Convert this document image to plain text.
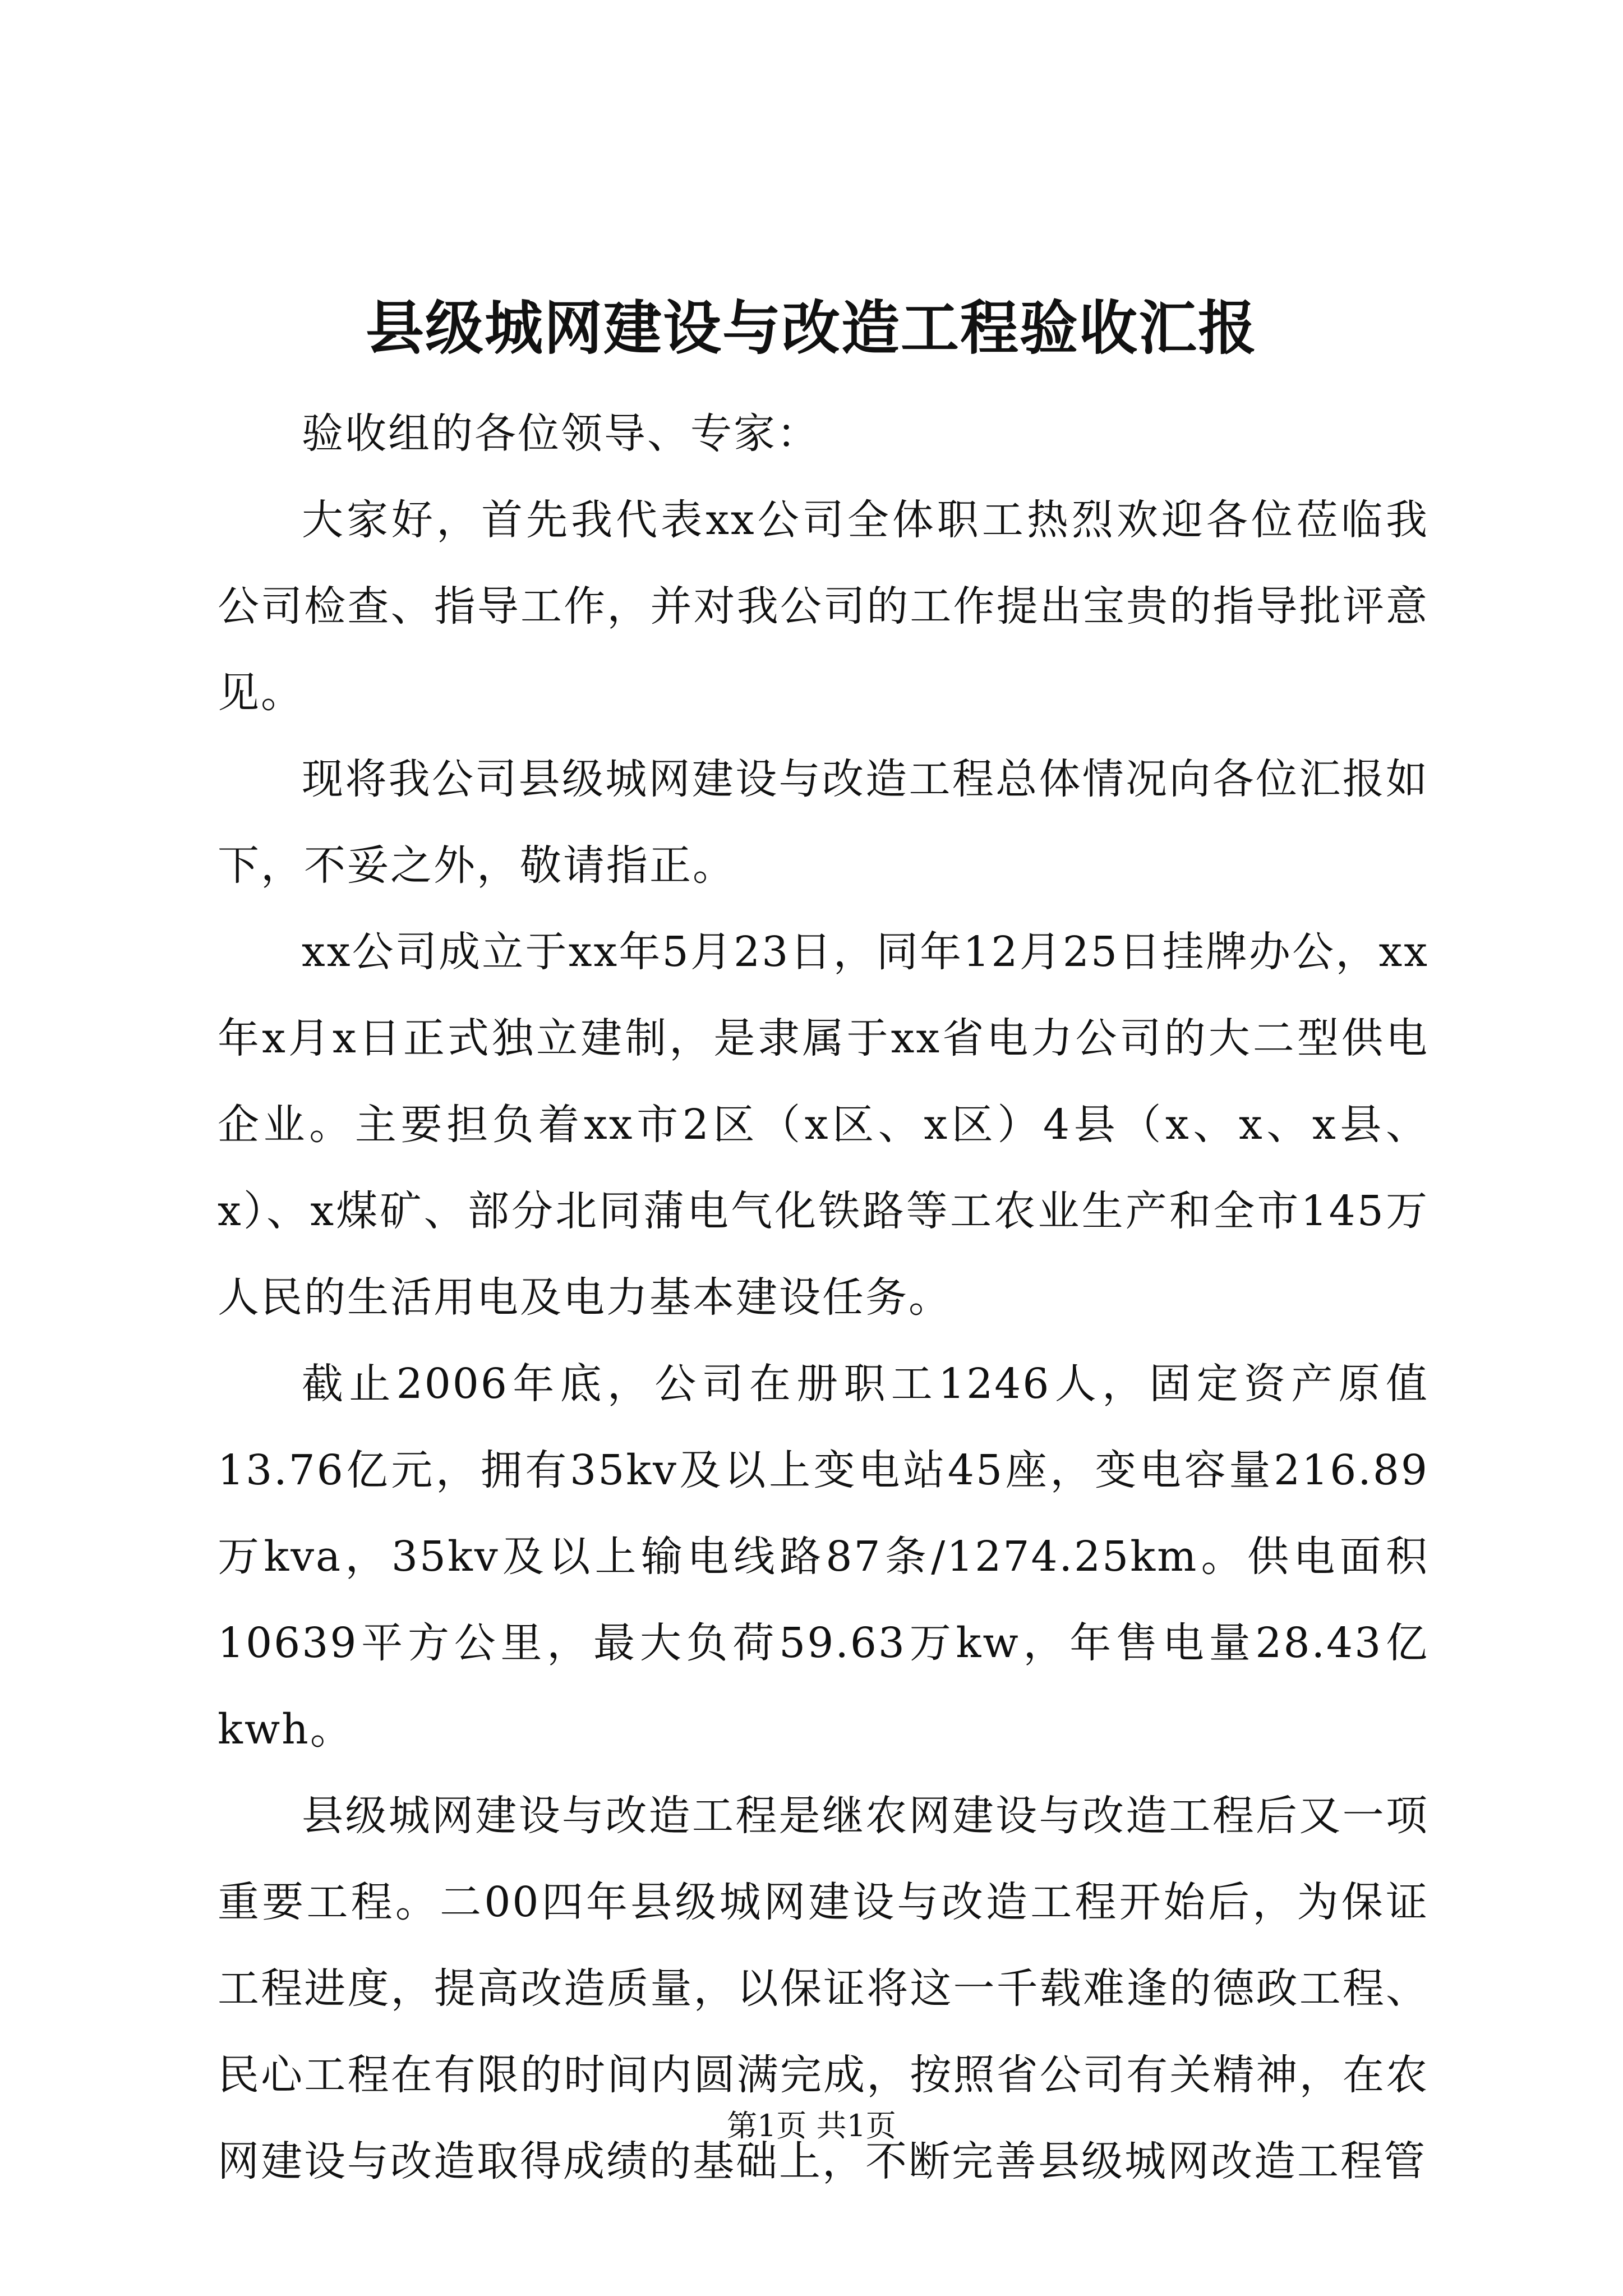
县级城网建设与改造工程验收汇报

验收组的各位领导、专家：

大家好，首先我代表xx公司全体职工热烈欢迎各位莅临我公司检查、指导工作，并对我公司的工作提出宝贵的指导批评意见。

现将我公司县级城网建设与改造工程总体情况向各位汇报如下，不妥之外，敬请指正。

xx公司成立于xx年5月23日，同年12月25日挂牌办公，xx年x月x日正式独立建制，是隶属于xx省电力公司的大二型供电企业。主要担负着xx市2区（x区、x区）4县（x、x、x县、x）、x煤矿、部分北同蒲电气化铁路等工农业生产和全市145万人民的生活用电及电力基本建设任务。

截止2006年底，公司在册职工1246人，固定资产原值13.76亿元，拥有35kv及以上变电站45座，变电容量216.89万kva，35kv及以上输电线路87条/1274.25km。供电面积10639平方公里，最大负荷59.63万kw，年售电量28.43亿kwh。

县级城网建设与改造工程是继农网建设与改造工程后又一项重要工程。二00四年县级城网建设与改造工程开始后，为保证工程进度，提高改造质量，以保证将这一千载难逢的德政工程、民心工程在有限的时间内圆满完成，按照省公司有关精神，在农网建设与改造取得成绩的基础上，不断完善县级城网改造工程管

第1页 共1页
